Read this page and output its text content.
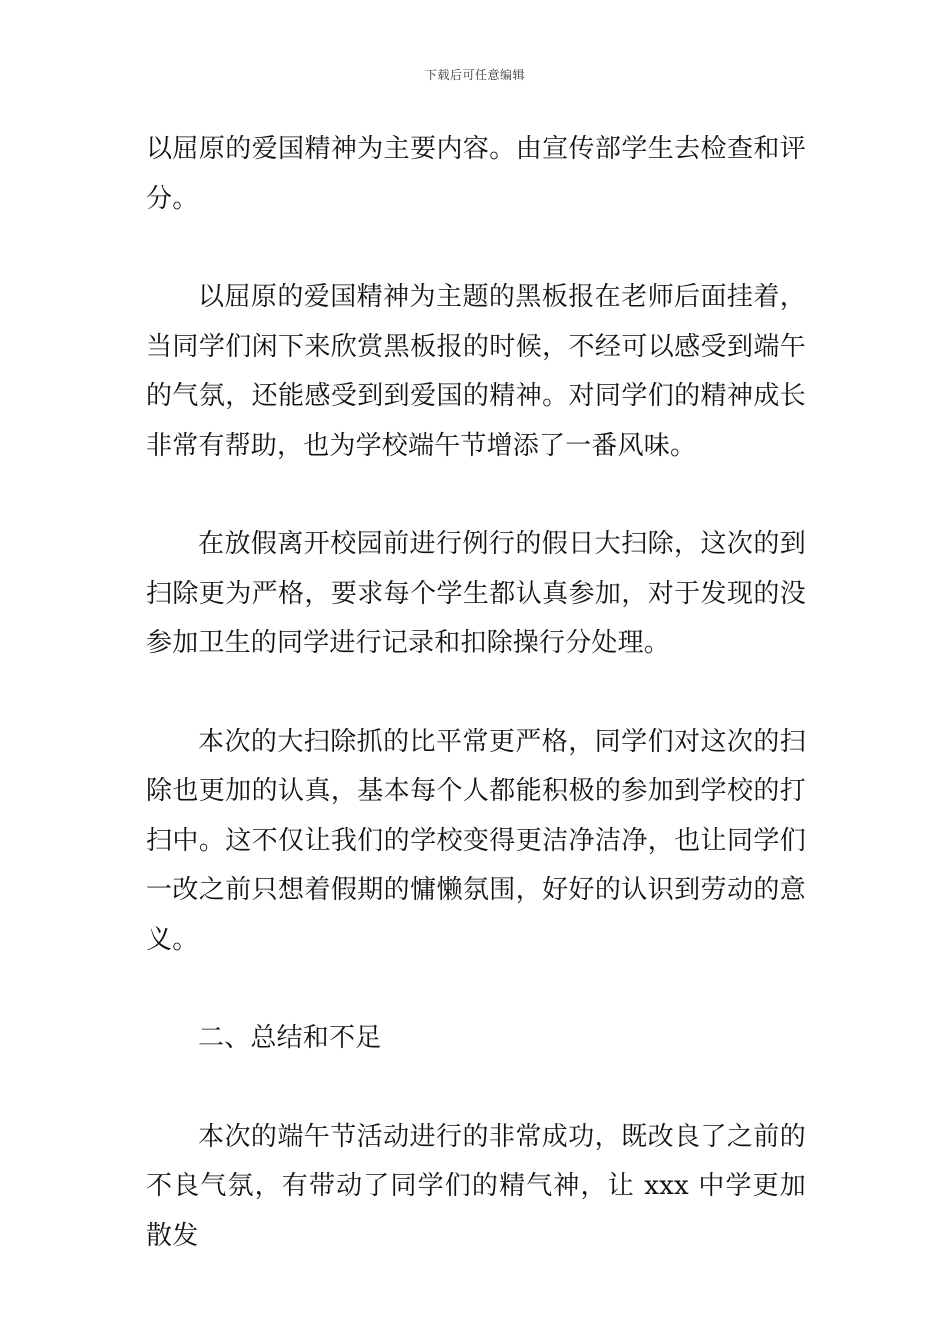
下载后可任意编辑

以屈原的爱国精神为主要内容。由宣传部学生去检查和评分。

以屈原的爱国精神为主题的黑板报在老师后面挂着，当同学们闲下来欣赏黑板报的时候，不经可以感受到端午的气氛，还能感受到到爱国的精神。对同学们的精神成长非常有帮助，也为学校端午节增添了一番风味。

在放假离开校园前进行例行的假日大扫除，这次的到扫除更为严格，要求每个学生都认真参加，对于发现的没参加卫生的同学进行记录和扣除操行分处理。

本次的大扫除抓的比平常更严格，同学们对这次的扫除也更加的认真，基本每个人都能积极的参加到学校的打扫中。这不仅让我们的学校变得更洁净洁净，也让同学们一改之前只想着假期的慵懒氛围，好好的认识到劳动的意义。

二、总结和不足

本次的端午节活动进行的非常成功，既改良了之前的不良气氛，有带动了同学们的精气神，让 xxx 中学更加散发
